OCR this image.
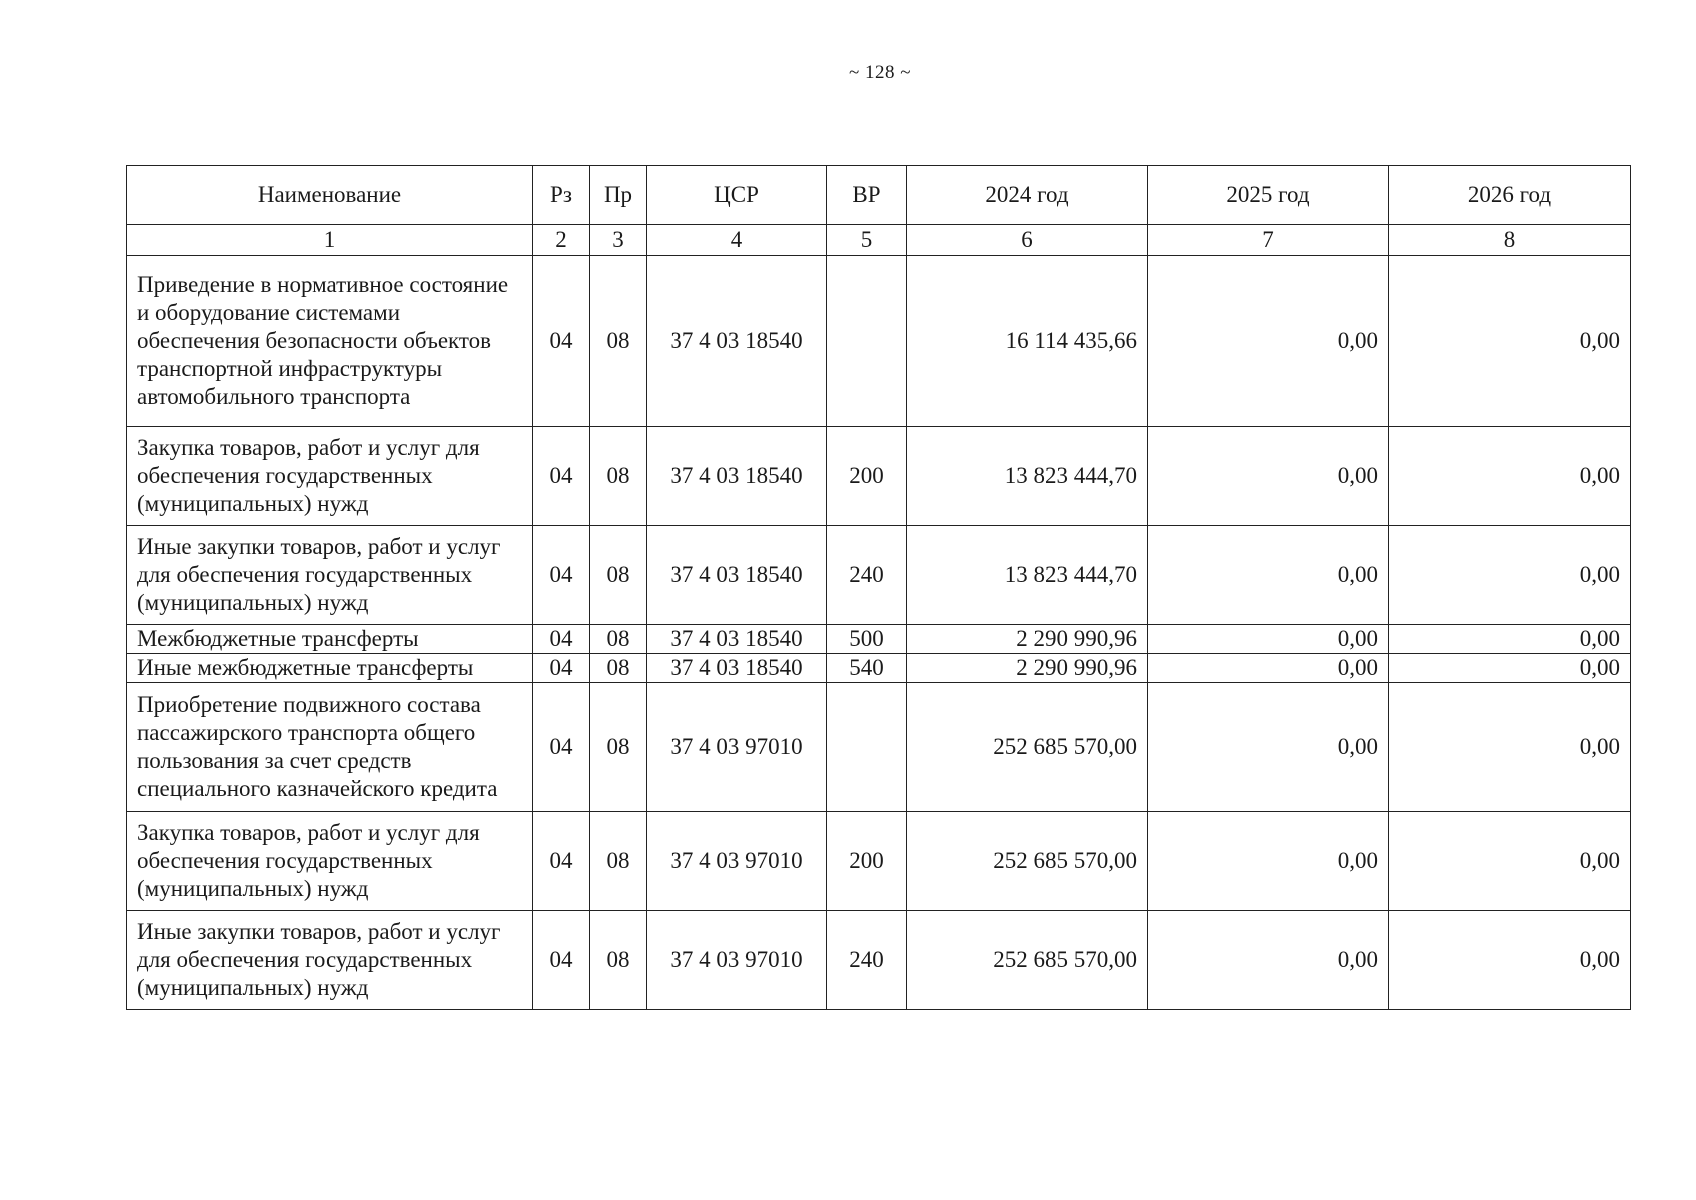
~ 128 ~
Наименование	Рз	Пр	ЦСР	ВР	2024 год	2025 год	2026 год
1	2	3	4	5	6	7	8
Приведение в нормативное состояние и оборудование системами обеспечения безопасности объектов транспортной инфраструктуры автомобильного транспорта	04	08	37 4 03 18540		16 114 435,66	0,00	0,00
Закупка товаров, работ и услуг для обеспечения государственных (муниципальных) нужд	04	08	37 4 03 18540	200	13 823 444,70	0,00	0,00
Иные закупки товаров, работ и услуг для обеспечения государственных (муниципальных) нужд	04	08	37 4 03 18540	240	13 823 444,70	0,00	0,00
Межбюджетные трансферты	04	08	37 4 03 18540	500	2 290 990,96	0,00	0,00
Иные межбюджетные трансферты	04	08	37 4 03 18540	540	2 290 990,96	0,00	0,00
Приобретение подвижного состава пассажирского транспорта общего пользования за счет средств специального казначейского кредита	04	08	37 4 03 97010		252 685 570,00	0,00	0,00
Закупка товаров, работ и услуг для обеспечения государственных (муниципальных) нужд	04	08	37 4 03 97010	200	252 685 570,00	0,00	0,00
Иные закупки товаров, работ и услуг для обеспечения государственных (муниципальных) нужд	04	08	37 4 03 97010	240	252 685 570,00	0,00	0,00
